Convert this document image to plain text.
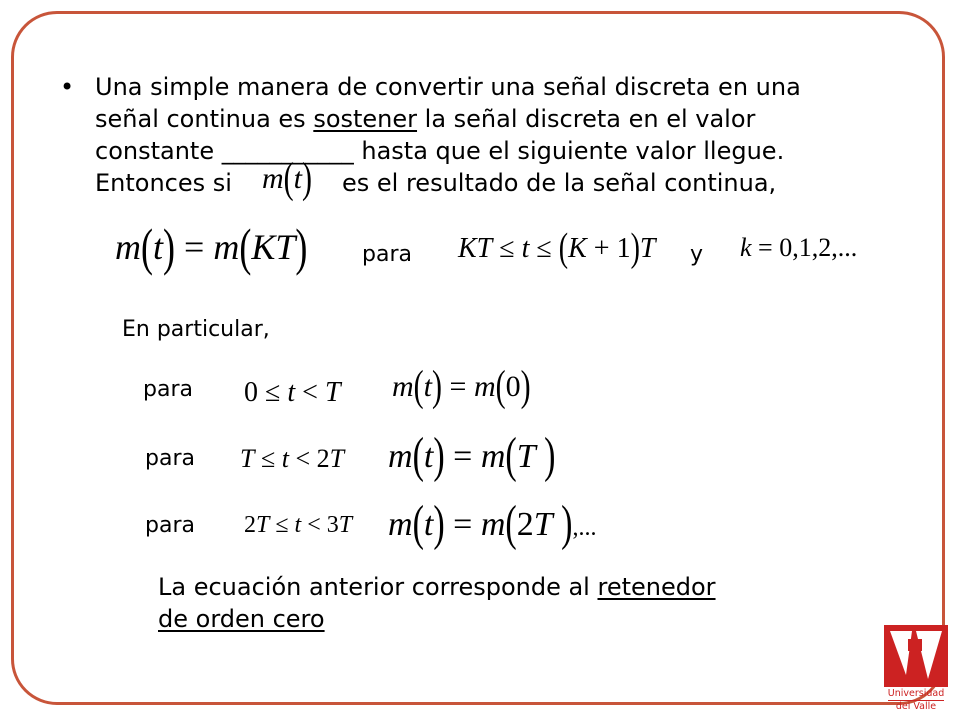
• Una simple manera de convertir una señal discreta en una
señal continua es sostener la señal discreta en el valor
constante ___________ hasta que el siguiente valor llegue.
Entonces si m(t) es el resultado de la señal continua,
m(t) = m(KT) para KT ≤ t ≤ (K + 1)T y k = 0,1,2,...
En particular,
para 0 ≤ t < T m(t) = m(0)
para T ≤ t < 2T m(t) = m(T )
para 2T ≤ t < 3T m(t) = m(2T ),...
La ecuación anterior corresponde al retenedor
de orden cero
Universidad
del Valle
